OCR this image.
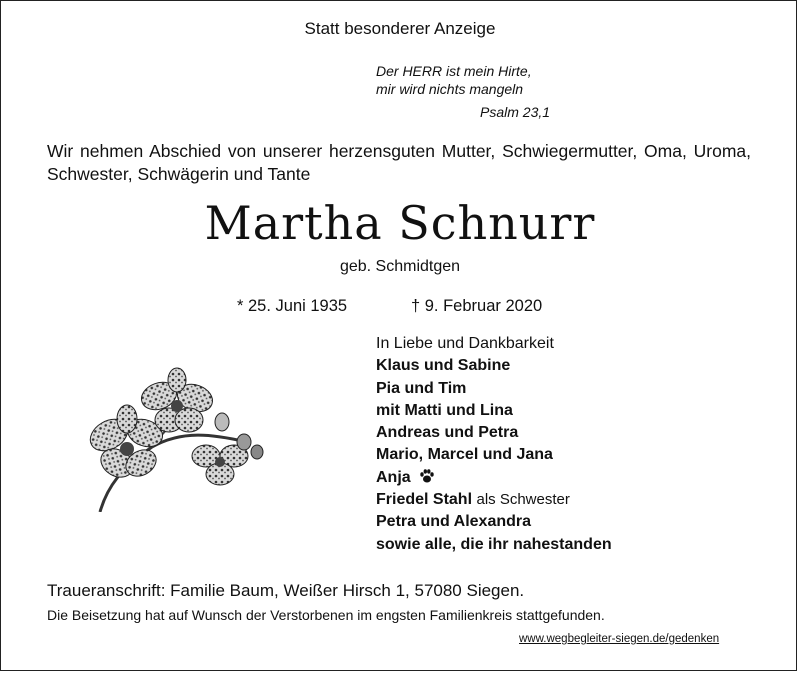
Statt besonderer Anzeige
Der HERR ist mein Hirte,
mir wird nichts mangeln
Psalm 23,1
Wir nehmen Abschied von unserer herzensguten Mutter, Schwiegermutter, Oma, Uroma, Schwester, Schwägerin und Tante
Martha Schnurr
geb. Schmidtgen
* 25. Juni 1935	† 9. Februar 2020
In Liebe und Dankbarkeit
Klaus und Sabine
Pia und Tim
mit Matti und Lina
Andreas und Petra
Mario, Marcel und Jana
Anja
Friedel Stahl als Schwester
Petra und Alexandra
sowie alle, die ihr nahestanden
Traueranschrift: Familie Baum, Weißer Hirsch 1, 57080 Siegen.
Die Beisetzung hat auf Wunsch der Verstorbenen im engsten Familienkreis stattgefunden.
www.wegbegleiter-siegen.de/gedenken
